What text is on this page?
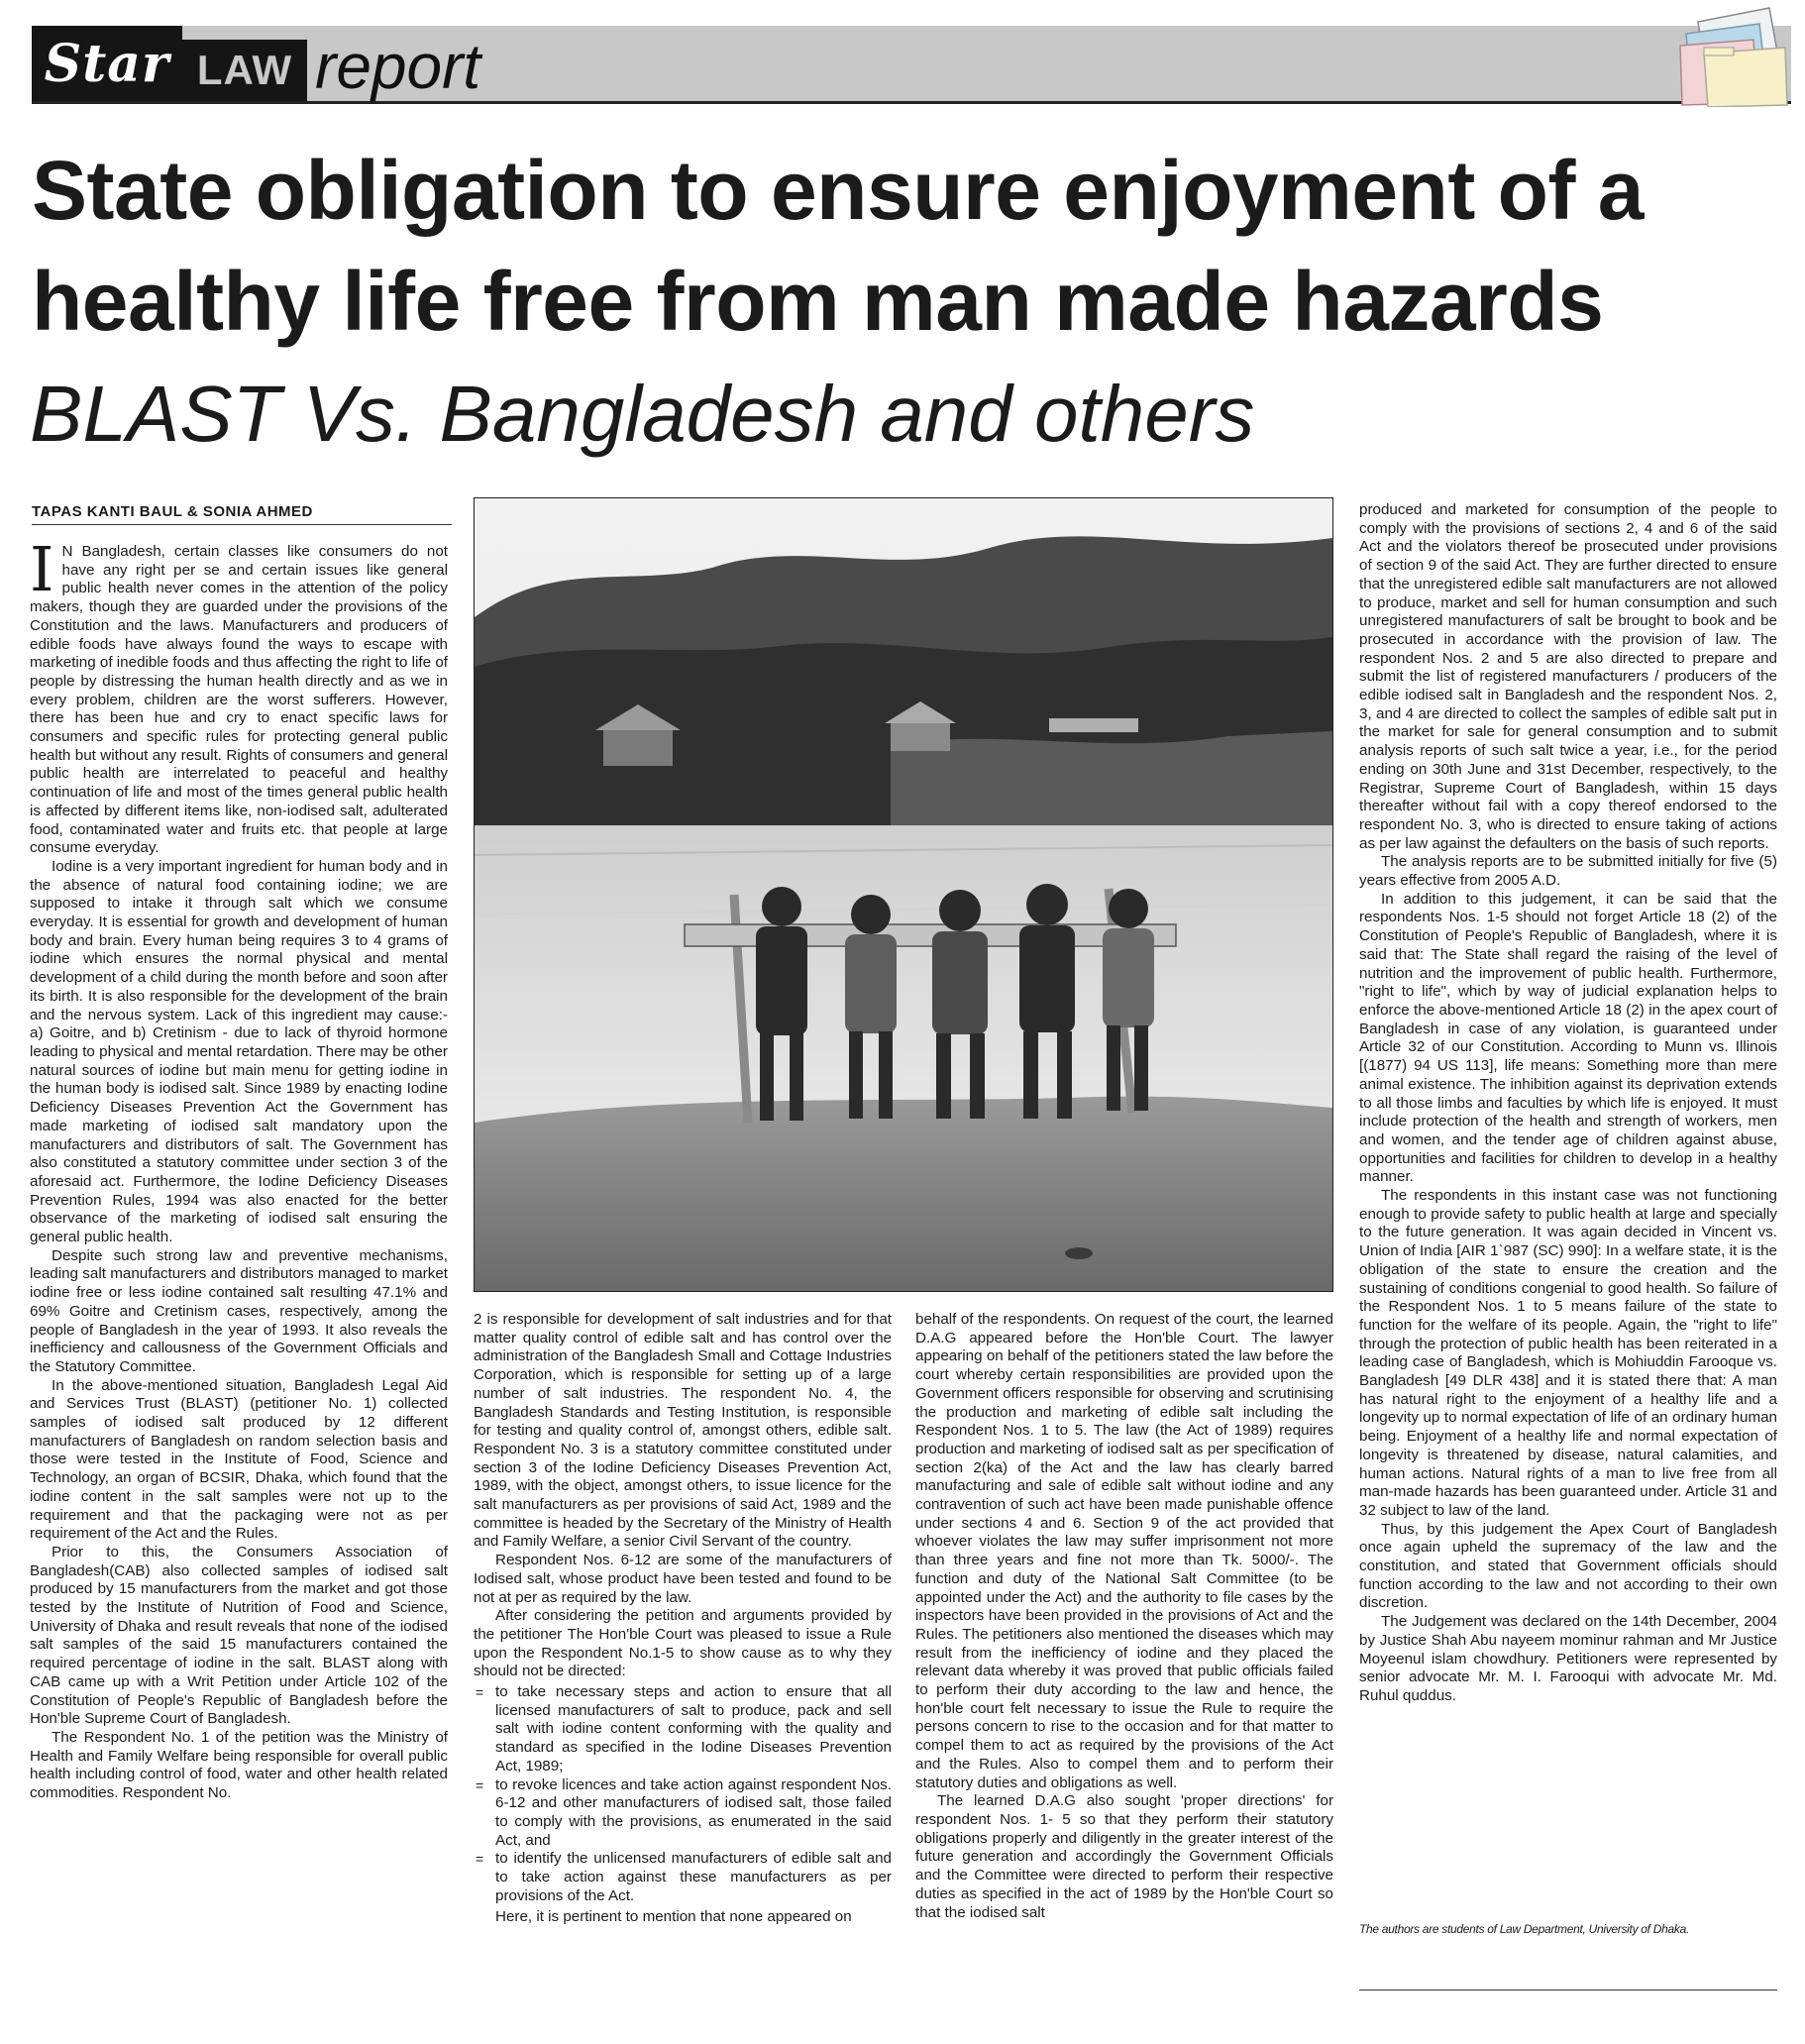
Star LAW report
State obligation to ensure enjoyment of a healthy life free from man made hazards
BLAST Vs. Bangladesh and others
TAPAS KANTI BAUL & SONIA AHMED

I N Bangladesh, certain classes like consumers do not have any right per se and certain issues like general public health never comes in the attention of the policy makers, though they are guarded under the provisions of the Constitution and the laws. Manufacturers and producers of edible foods have always found the ways to escape with marketing of inedible foods and thus affecting the right to life of people by distressing the human health directly and as we in every problem, children are the worst sufferers. However, there has been hue and cry to enact specific laws for consumers and specific rules for protecting general public health but without any result. Rights of consumers and general public health are interrelated to peaceful and healthy continuation of life and most of the times general public health is affected by different items like, non-iodised salt, adulterated food, contaminated water and fruits etc. that people at large consume everyday.

Iodine is a very important ingredient for human body and in the absence of natural food containing iodine; we are supposed to intake it through salt which we consume everyday. It is essential for growth and development of human body and brain. Every human being requires 3 to 4 grams of iodine which ensures the normal physical and mental development of a child during the month before and soon after its birth. It is also responsible for the development of the brain and the nervous system. Lack of this ingredient may cause:- a) Goitre, and b) Cretinism - due to lack of thyroid hormone leading to physical and mental retardation. There may be other natural sources of iodine but main menu for getting iodine in the human body is iodised salt. Since 1989 by enacting Iodine Deficiency Diseases Prevention Act the Government has made marketing of iodised salt mandatory upon the manufacturers and distributors of salt. The Government has also constituted a statutory committee under section 3 of the aforesaid act. Furthermore, the Iodine Deficiency Diseases Prevention Rules, 1994 was also enacted for the better observance of the marketing of iodised salt ensuring the general public health.

Despite such strong law and preventive mechanisms, leading salt manufacturers and distributors managed to market iodine free or less iodine contained salt resulting 47.1% and 69% Goitre and Cretinism cases, respectively, among the people of Bangladesh in the year of 1993. It also reveals the inefficiency and callousness of the Government Officials and the Statutory Committee.

In the above-mentioned situation, Bangladesh Legal Aid and Services Trust (BLAST) (petitioner No. 1) collected samples of iodised salt produced by 12 different manufacturers of Bangladesh on random selection basis and those were tested in the Institute of Food, Science and Technology, an organ of BCSIR, Dhaka, which found that the iodine content in the salt samples were not up to the requirement and that the packaging were not as per requirement of the Act and the Rules.

Prior to this, the Consumers Association of Bangladesh(CAB) also collected samples of iodised salt produced by 15 manufacturers from the market and got those tested by the Institute of Nutrition of Food and Science, University of Dhaka and result reveals that none of the iodised salt samples of the said 15 manufacturers contained the required percentage of iodine in the salt. BLAST along with CAB came up with a Writ Petition under Article 102 of the Constitution of People's Republic of Bangladesh before the Hon'ble Supreme Court of Bangladesh.

The Respondent No. 1 of the petition was the Ministry of Health and Family Welfare being responsible for overall public health including control of food, water and other health related commodities. Respondent No.

2 is responsible for development of salt industries and for that matter quality control of edible salt and has control over the administration of the Bangladesh Small and Cottage Industries Corporation, which is responsible for setting up of a large number of salt industries. The respondent No. 4, the Bangladesh Standards and Testing Institution, is responsible for testing and quality control of, amongst others, edible salt. Respondent No. 3 is a statutory committee constituted under section 3 of the Iodine Deficiency Diseases Prevention Act, 1989, with the object, amongst others, to issue licence for the salt manufacturers as per provisions of said Act, 1989 and the committee is headed by the Secretary of the Ministry of Health and Family Welfare, a senior Civil Servant of the country.

Respondent Nos. 6-12 are some of the manufacturers of Iodised salt, whose product have been tested and found to be not at per as required by the law.

After considering the petition and arguments provided by the petitioner The Hon'ble Court was pleased to issue a Rule upon the Respondent No.1-5 to show cause as to why they should not be directed:

= to take necessary steps and action to ensure that all licensed manufacturers of salt to produce, pack and sell salt with iodine content conforming with the quality and standard as specified in the Iodine Diseases Prevention Act, 1989;
= to revoke licences and take action against respondent Nos. 6-12 and other manufacturers of iodised salt, those failed to comply with the provisions, as enumerated in the said Act, and
= to identify the unlicensed manufacturers of edible salt and to take action against these manufacturers as per provisions of the Act.

Here, it is pertinent to mention that none appeared on

behalf of the respondents. On request of the court, the learned D.A.G appeared before the Hon'ble Court. The lawyer appearing on behalf of the petitioners stated the law before the court whereby certain responsibilities are provided upon the Government officers responsible for observing and scrutinising the production and marketing of edible salt including the Respondent Nos. 1 to 5. The law (the Act of 1989) requires production and marketing of iodised salt as per specification of section 2(ka) of the Act and the law has clearly barred manufacturing and sale of edible salt without iodine and any contravention of such act have been made punishable offence under sections 4 and 6. Section 9 of the act provided that whoever violates the law may suffer imprisonment not more than three years and fine not more than Tk. 5000/-. The function and duty of the National Salt Committee (to be appointed under the Act) and the authority to file cases by the inspectors have been provided in the provisions of Act and the Rules. The petitioners also mentioned the diseases which may result from the inefficiency of iodine and they placed the relevant data whereby it was proved that public officials failed to perform their duty according to the law and hence, the hon'ble court felt necessary to issue the Rule to require the persons concern to rise to the occasion and for that matter to compel them to act as required by the provisions of the Act and the Rules. Also to compel them and to perform their statutory duties and obligations as well.

The learned D.A.G also sought 'proper directions' for respondent Nos. 1- 5 so that they perform their statutory obligations properly and diligently in the greater interest of the future generation and accordingly the Government Officials and the Committee were directed to perform their respective duties as specified in the act of 1989 by the Hon'ble Court so that the iodised salt

produced and marketed for consumption of the people to comply with the provisions of sections 2, 4 and 6 of the said Act and the violators thereof be prosecuted under provisions of section 9 of the said Act. They are further directed to ensure that the unregistered edible salt manufacturers are not allowed to produce, market and sell for human consumption and such unregistered manufacturers of salt be brought to book and be prosecuted in accordance with the provision of law. The respondent Nos. 2 and 5 are also directed to prepare and submit the list of registered manufacturers / producers of the edible iodised salt in Bangladesh and the respondent Nos. 2, 3, and 4 are directed to collect the samples of edible salt put in the market for sale for general consumption and to submit analysis reports of such salt twice a year, i.e., for the period ending on 30th June and 31st December, respectively, to the Registrar, Supreme Court of Bangladesh, within 15 days thereafter without fail with a copy thereof endorsed to the respondent No. 3, who is directed to ensure taking of actions as per law against the defaulters on the basis of such reports.

The analysis reports are to be submitted initially for five (5) years effective from 2005 A.D.

In addition to this judgement, it can be said that the respondents Nos. 1-5 should not forget Article 18 (2) of the Constitution of People's Republic of Bangladesh, where it is said that: The State shall regard the raising of the level of nutrition and the improvement of public health. Furthermore, "right to life", which by way of judicial explanation helps to enforce the above-mentioned Article 18 (2) in the apex court of Bangladesh in case of any violation, is guaranteed under Article 32 of our Constitution. According to Munn vs. Illinois [(1877) 94 US 113], life means: Something more than mere animal existence. The inhibition against its deprivation extends to all those limbs and faculties by which life is enjoyed. It must include protection of the health and strength of workers, men and women, and the tender age of children against abuse, opportunities and facilities for children to develop in a healthy manner.

The respondents in this instant case was not functioning enough to provide safety to public health at large and specially to the future generation. It was again decided in Vincent vs. Union of India [AIR 1`987 (SC) 990]: In a welfare state, it is the obligation of the state to ensure the creation and the sustaining of conditions congenial to good health. So failure of the Respondent Nos. 1 to 5 means failure of the state to function for the welfare of its people. Again, the "right to life" through the protection of public health has been reiterated in a leading case of Bangladesh, which is Mohiuddin Farooque vs. Bangladesh [49 DLR 438] and it is stated there that: A man has natural right to the enjoyment of a healthy life and a longevity up to normal expectation of life of an ordinary human being. Enjoyment of a healthy life and normal expectation of longevity is threatened by disease, natural calamities, and human actions. Natural rights of a man to live free from all man-made hazards has been guaranteed under. Article 31 and 32 subject to law of the land.

Thus, by this judgement the Apex Court of Bangladesh once again upheld the supremacy of the law and the constitution, and stated that Government officials should function according to the law and not according to their own discretion.

The Judgement was declared on the 14th December, 2004 by Justice Shah Abu nayeem mominur rahman and Mr Justice Moyeenul islam chowdhury. Petitioners were represented by senior advocate Mr. M. I. Farooqui with advocate Mr. Md. Ruhul quddus.

The authors are students of Law Department, University of Dhaka.
